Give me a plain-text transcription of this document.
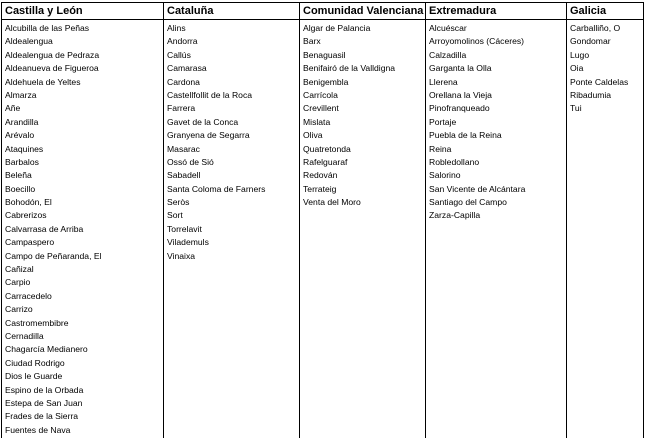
Castilla y León
Alcubilla de las Peñas
Aldealengua
Aldealengua de Pedraza
Aldeanueva de Figueroa
Aldehuela de Yeltes
Almarza
Añe
Arandilla
Arévalo
Ataquines
Barbalos
Beleña
Boecillo
Bohodón, El
Cabrerizos
Calvarrasa de Arriba
Campaspero
Campo de Peñaranda, El
Cañizal
Carpio
Carracedelo
Carrizo
Castromembibre
Cernadilla
Chagarcía Medianero
Ciudad Rodrigo
Dios le Guarde
Espino de la Orbada
Estepa de San Juan
Frades de la Sierra
Fuentes de Nava
Cataluña
Alins
Andorra
Callús
Camarasa
Cardona
Castellfollit de la Roca
Farrera
Gavet de la Conca
Granyena de Segarra
Masarac
Ossó de Sió
Sabadell
Santa Coloma de Farners
Seròs
Sort
Torrelavit
Vilademuls
Vinaixa
Comunidad Valenciana
Algar de Palancia
Barx
Benaguasil
Benifairó de la Valldigna
Benigembla
Carrícola
Crevillent
Mislata
Oliva
Quatretonda
Rafelguaraf
Redován
Terrateig
Venta del Moro
Extremadura
Alcuéscar
Arroyomolinos (Cáceres)
Calzadilla
Garganta la Olla
Llerena
Orellana la Vieja
Pinofranqueado
Portaje
Puebla de la Reina
Reina
Robledollano
Salorino
San Vicente de Alcántara
Santiago del Campo
Zarza-Capilla
Galicia
Carballiño, O
Gondomar
Lugo
Oia
Ponte Caldelas
Ribadumia
Tui
